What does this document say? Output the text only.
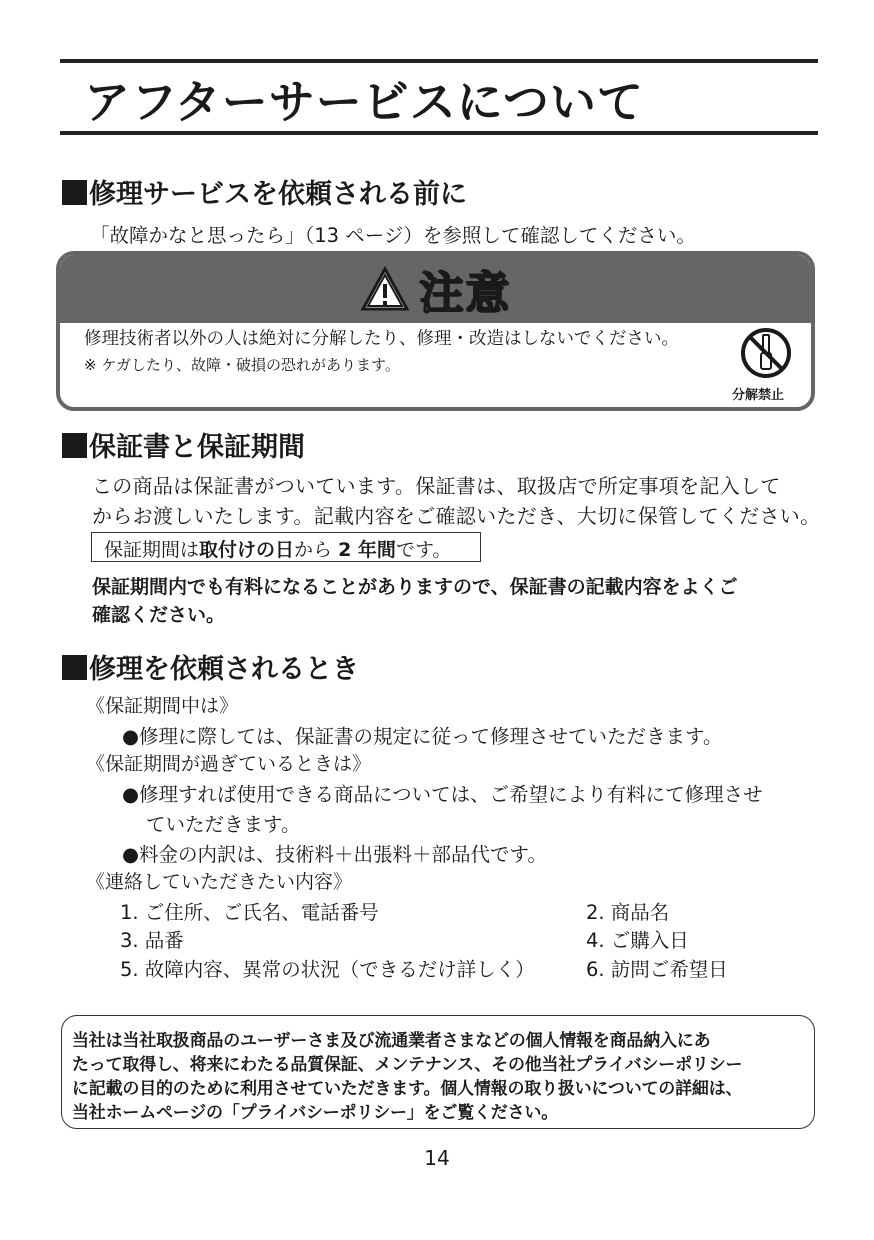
アフターサービスについて
修理サービスを依頼される前に
「故障かなと思ったら」（13 ページ）を参照して確認してください。
注意
修理技術者以外の人は絶対に分解したり、修理・改造はしないでください。
※ ケガしたり、故障・破損の恐れがあります。
分解禁止
保証書と保証期間
この商品は保証書がついています。保証書は、取扱店で所定事項を記入して
からお渡しいたします。記載内容をご確認いただき、大切に保管してください。
保証期間は取付けの日から 2 年間です。
保証期間内でも有料になることがありますので、保証書の記載内容をよくご
確認ください。
修理を依頼されるとき
《保証期間中は》
●修理に際しては、保証書の規定に従って修理させていただきます。
《保証期間が過ぎているときは》
●修理すれば使用できる商品については、ご希望により有料にて修理させ
ていただきます。
●料金の内訳は、技術料＋出張料＋部品代です。
《連絡していただきたい内容》
1. ご住所、ご氏名、電話番号	2. 商品名
3. 品番	4. ご購入日
5. 故障内容、異常の状況（できるだけ詳しく）	6. 訪問ご希望日
当社は当社取扱商品のユーザーさま及び流通業者さまなどの個人情報を商品納入にあ
たって取得し、将来にわたる品質保証、メンテナンス、その他当社プライバシーポリシー
に記載の目的のために利用させていただきます。個人情報の取り扱いについての詳細は、
当社ホームページの「プライバシーポリシー」をご覧ください。
14
